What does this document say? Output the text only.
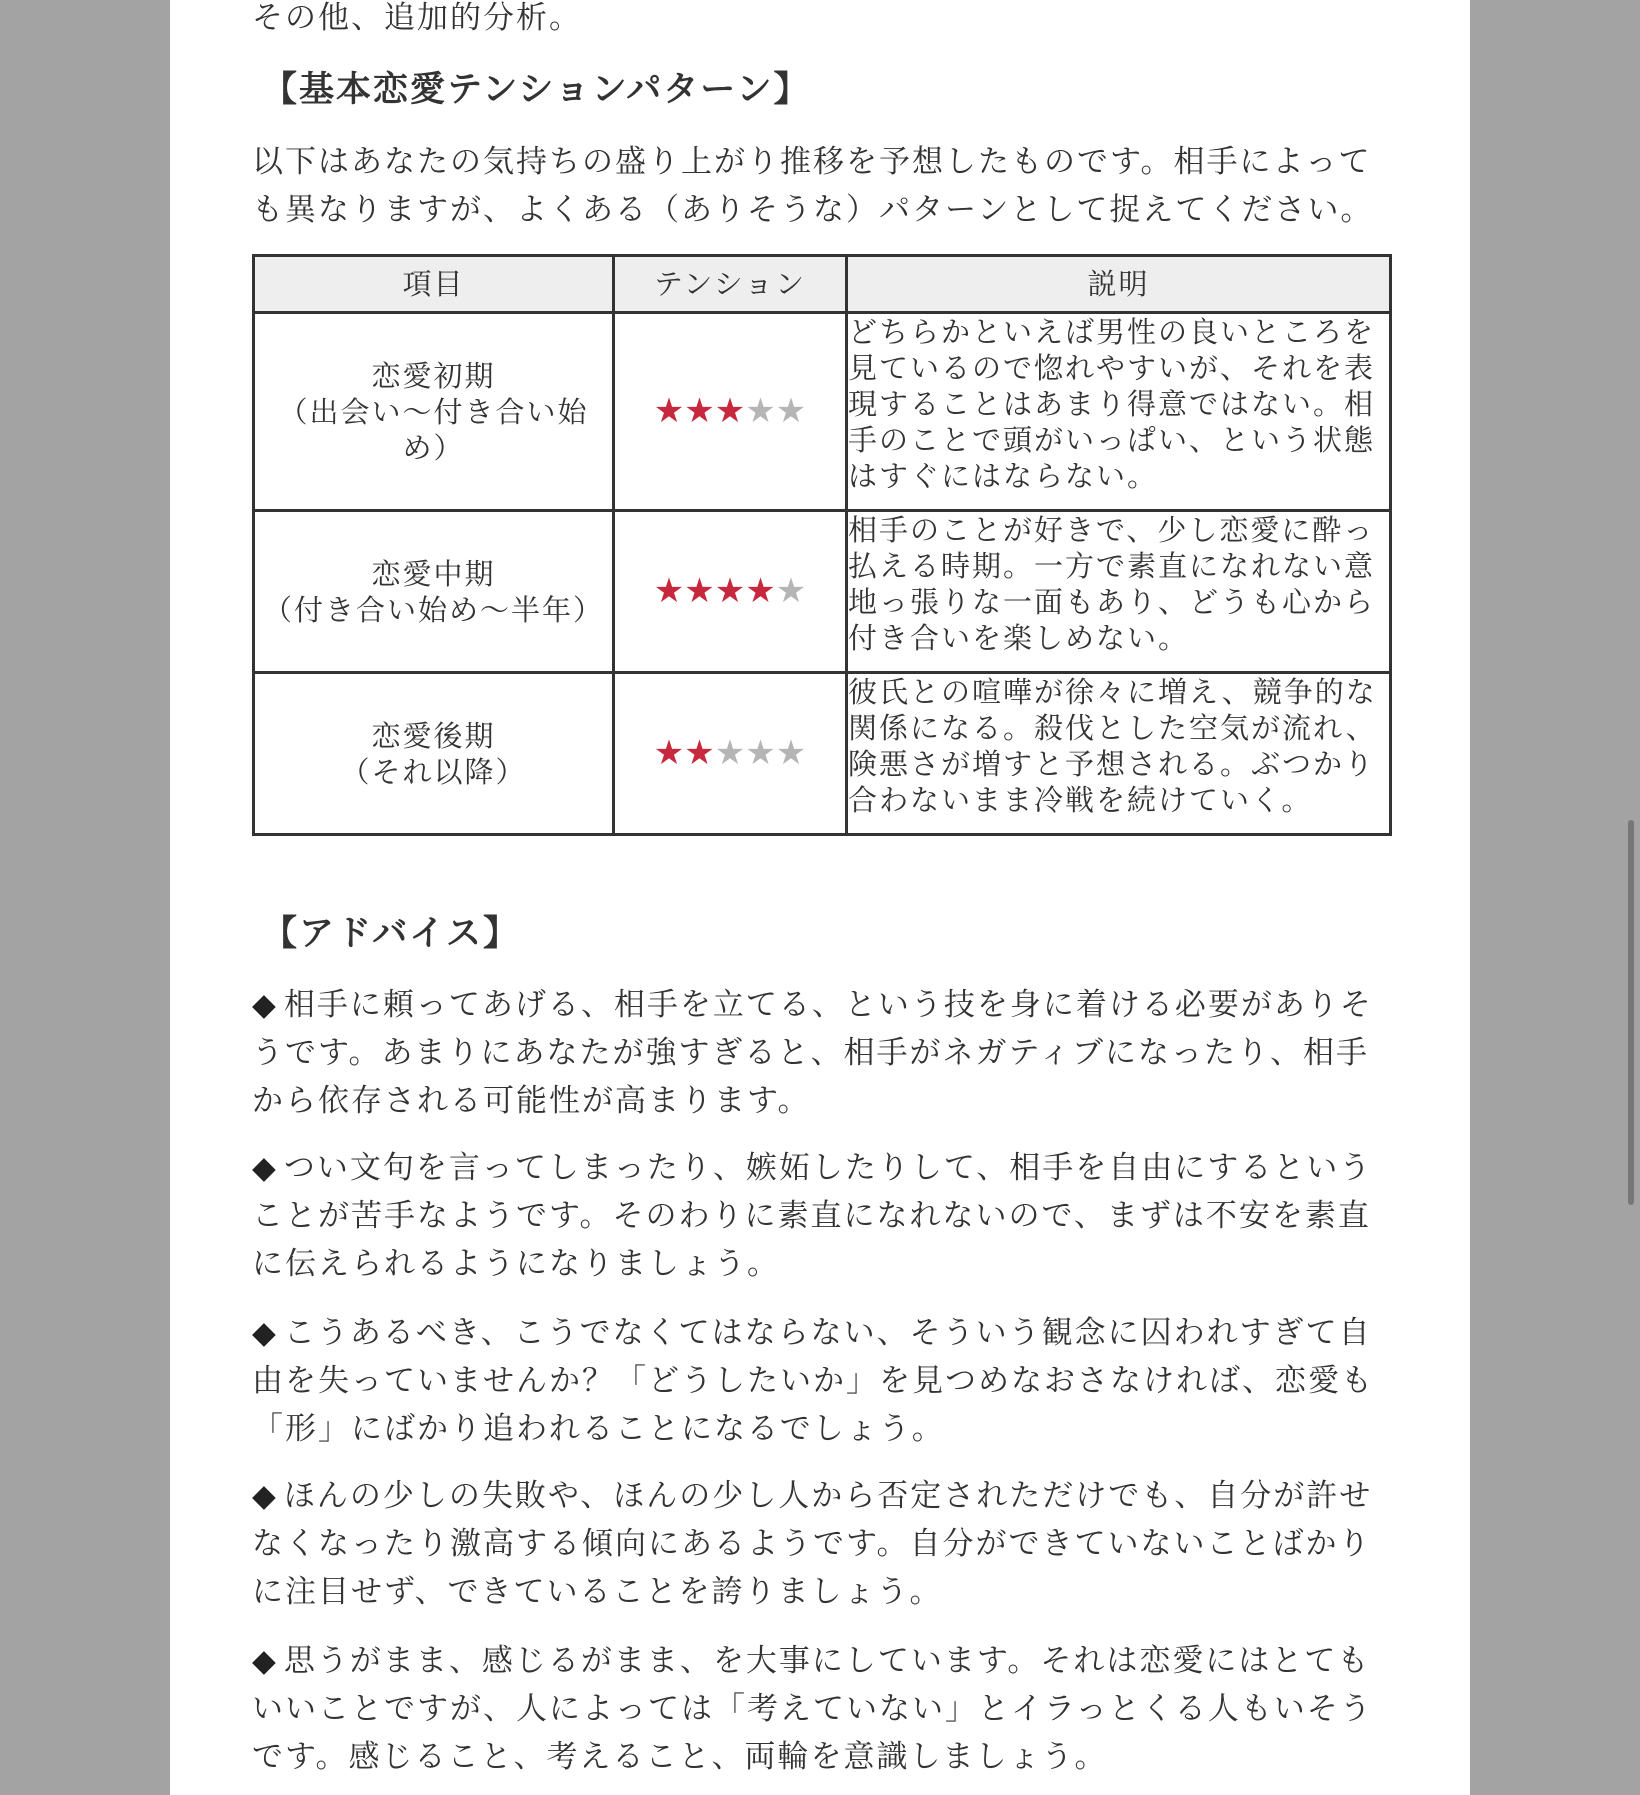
その他、追加的分析。

【基本恋愛テンションパターン】

以下はあなたの気持ちの盛り上がり推移を予想したものです。相手によっても異なりますが、よくある（ありそうな）パターンとして捉えてください。

項目	テンション	説明

恋愛初期
（出会い〜付き合い始め）	★★★★★	どちらかといえば男性の良いところを見ているので惚れやすいが、それを表現することはあまり得意ではない。相手のことで頭がいっぱい、という状態はすぐにはならない。

恋愛中期
（付き合い始め〜半年）	★★★★★	相手のことが好きで、少し恋愛に酔っ払える時期。一方で素直になれない意地っ張りな一面もあり、どうも心から付き合いを楽しめない。

恋愛後期
（それ以降）	★★★★★	彼氏との喧嘩が徐々に増え、競争的な関係になる。殺伐とした空気が流れ、険悪さが増すと予想される。ぶつかり合わないまま冷戦を続けていく。
【アドバイス】

◆ 相手に頼ってあげる、相手を立てる、という技を身に着ける必要がありそうです。あまりにあなたが強すぎると、相手がネガティブになったり、相手から依存される可能性が高まります。

◆ つい文句を言ってしまったり、嫉妬したりして、相手を自由にするということが苦手なようです。そのわりに素直になれないので、まずは不安を素直に伝えられるようになりましょう。

◆ こうあるべき、こうでなくてはならない、そういう観念に囚われすぎて自由を失っていませんか？「どうしたいか」を見つめなおさなければ、恋愛も「形」にばかり追われることになるでしょう。

◆ ほんの少しの失敗や、ほんの少し人から否定されただけでも、自分が許せなくなったり激高する傾向にあるようです。自分ができていないことばかりに注目せず、できていることを誇りましょう。

◆ 思うがまま、感じるがまま、を大事にしています。それは恋愛にはとてもいいことですが、人によっては「考えていない」とイラっとくる人もいそうです。感じること、考えること、両輪を意識しましょう。
